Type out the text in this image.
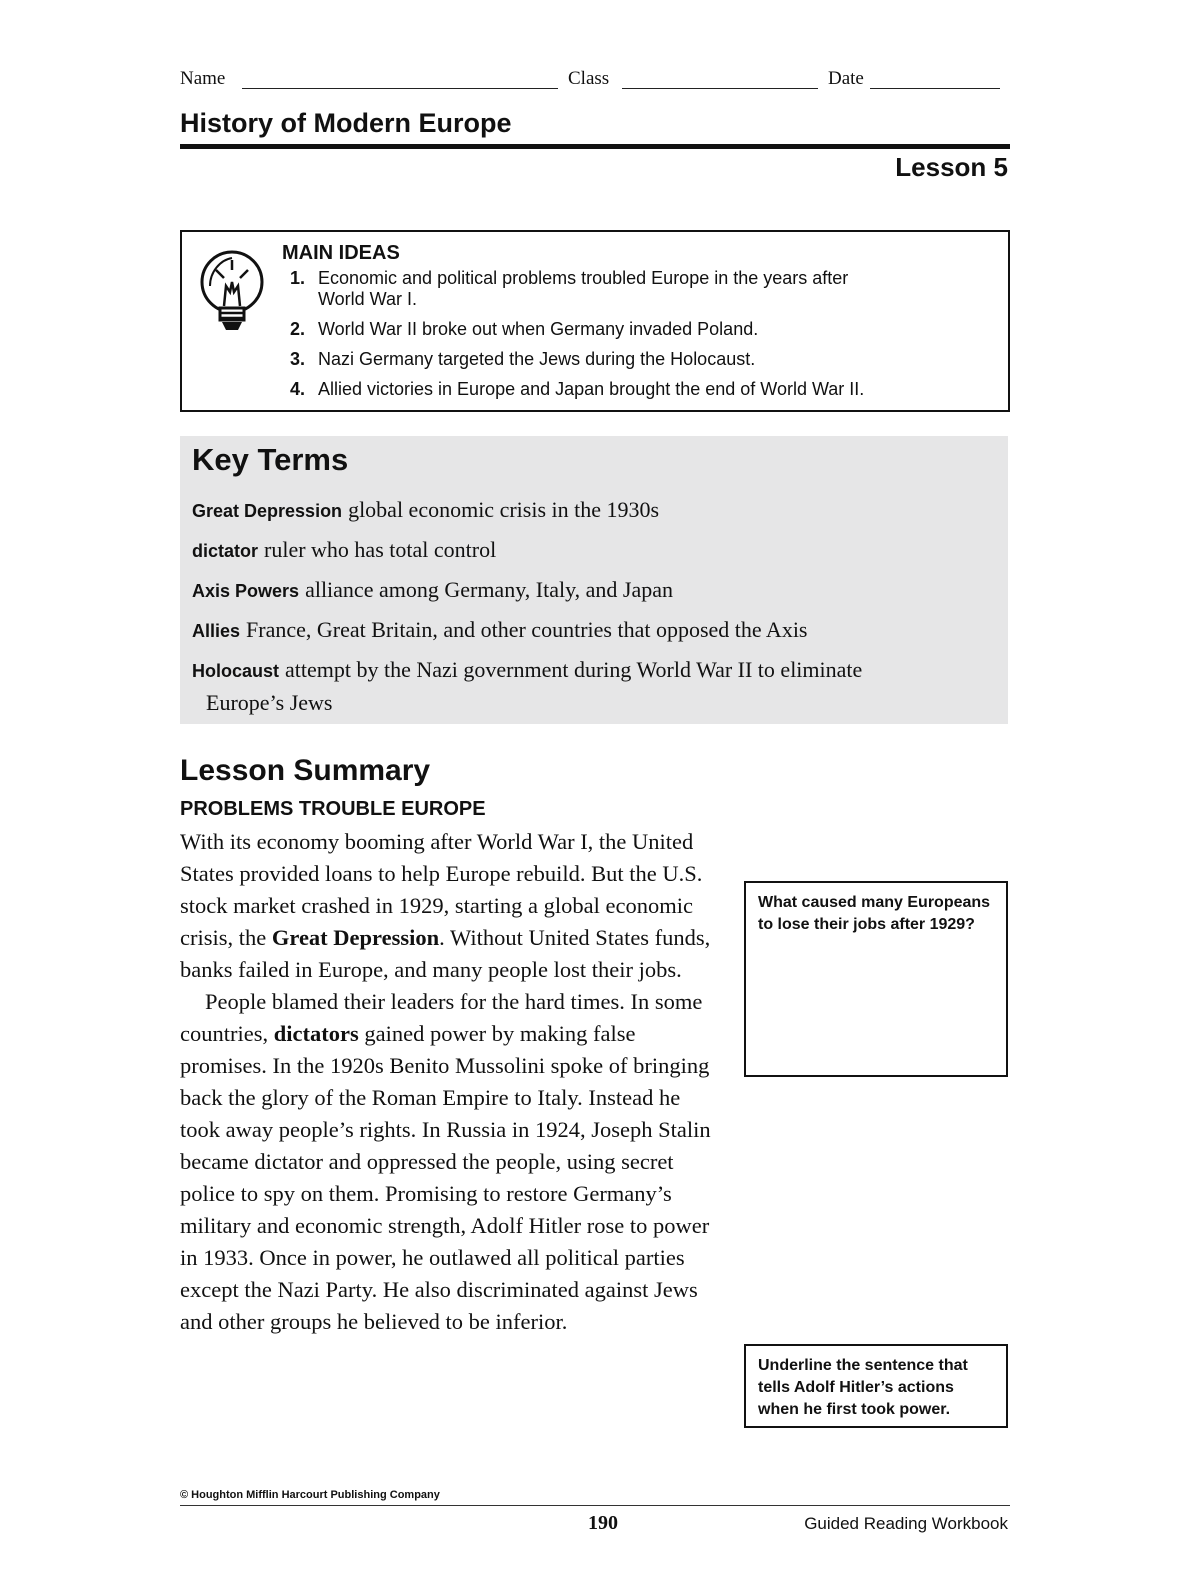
Name	Class	Date
History of Modern Europe
Lesson 5
MAIN IDEAS
1. Economic and political problems troubled Europe in the years after
World War I.
2. World War II broke out when Germany invaded Poland.
3. Nazi Germany targeted the Jews during the Holocaust.
4. Allied victories in Europe and Japan brought the end of World War II.
Key Terms
Great Depression global economic crisis in the 1930s
dictator ruler who has total control
Axis Powers alliance among Germany, Italy, and Japan
Allies France, Great Britain, and other countries that opposed the Axis
Holocaust attempt by the Nazi government during World War II to eliminate
Europe’s Jews
Lesson Summary
PROBLEMS TROUBLE EUROPE

With its economy booming after World War I, the United States provided loans to help Europe rebuild. But the U.S. stock market crashed in 1929, starting a global economic crisis, the Great Depression. Without United States funds, banks failed in Europe, and many people lost their jobs.

People blamed their leaders for the hard times. In some countries, dictators gained power by making false promises. In the 1920s Benito Mussolini spoke of bringing back the glory of the Roman Empire to Italy. Instead he took away people’s rights. In Russia in 1924, Joseph Stalin became dictator and oppressed the people, using secret police to spy on them. Promising to restore Germany’s military and economic strength, Adolf Hitler rose to power in 1933. Once in power, he outlawed all political parties except the Nazi Party. He also discriminated against Jews and other groups he believed to be inferior.

What caused many Europeans to lose their jobs after 1929?
Underline the sentence that tells Adolf Hitler’s actions when he first took power.
© Houghton Mifflin Harcourt Publishing Company
190	Guided Reading Workbook
